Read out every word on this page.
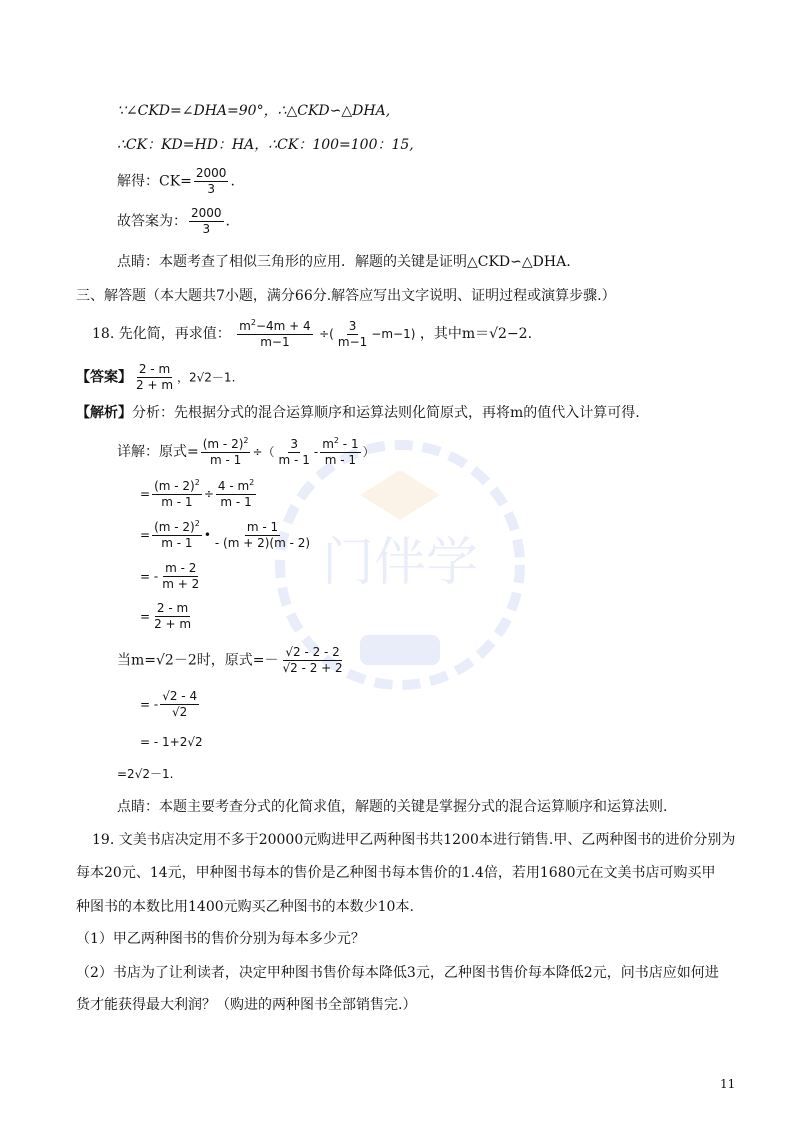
门伴学
∵∠CKD=∠DHA=90°，∴△CKD∽△DHA,
∴CK：KD=HD：HA，∴CK：100=100：15,
解得：$CK= \frac{2000}{3}$ .
故答案为： $\frac{2000}{3}$ .
点睛：本题考查了相似三角形的应用．解题的关键是证明△CKD∽△DHA.
三、解答题（本大题共7小题，满分66分.解答应写出文字说明、证明过程或演算步骤.）
18. 先化简，再求值： $\frac{m^2-4m + 4}{m-1}$ ÷( $\frac{3}{m-1} -m-1$) ，其中m＝√2−2.
【答案】 $\frac{2 - m}{2 + m}$ ，2√2－1.
【解析】分析：先根据分式的混合运算顺序和运算法则化简原式，再将m的值代入计算可得.
详解：原式= $\frac{(m - 2)^2}{m - 1}$ ÷（ $\frac{3}{m - 1} - \frac{m^2 - 1}{m - 1}$ ）
= $\frac{(m - 2)^2}{m - 1} \div \frac{4 - m^2}{m - 1}$
= $\frac{(m - 2)^2}{m - 1}$ • $\frac{m - 1}{- (m + 2)(m - 2)}$
= - $\frac{m - 2}{m + 2}$
= $\frac{2 - m}{2 + m}$
当m=√2－2时，原式=－ $\frac{√2 - 2 - 2}{√2 - 2 + 2}$
= - $\frac{√2 - 4}{√2}$
= - 1+2√2
=2√2－1.
点睛：本题主要考查分式的化简求值，解题的关键是掌握分式的混合运算顺序和运算法则.
19. 文美书店决定用不多于20000元购进甲乙两种图书共1200本进行销售.甲、乙两种图书的进价分别为
每本20元、14元，甲种图书每本的售价是乙种图书每本售价的1.4倍，若用1680元在文美书店可购买甲
种图书的本数比用1400元购买乙种图书的本数少10本.
（1）甲乙两种图书的售价分别为每本多少元？
（2）书店为了让利读者，决定甲种图书售价每本降低3元，乙种图书售价每本降低2元，问书店应如何进
货才能获得最大利润？（购进的两种图书全部销售完.）
11
